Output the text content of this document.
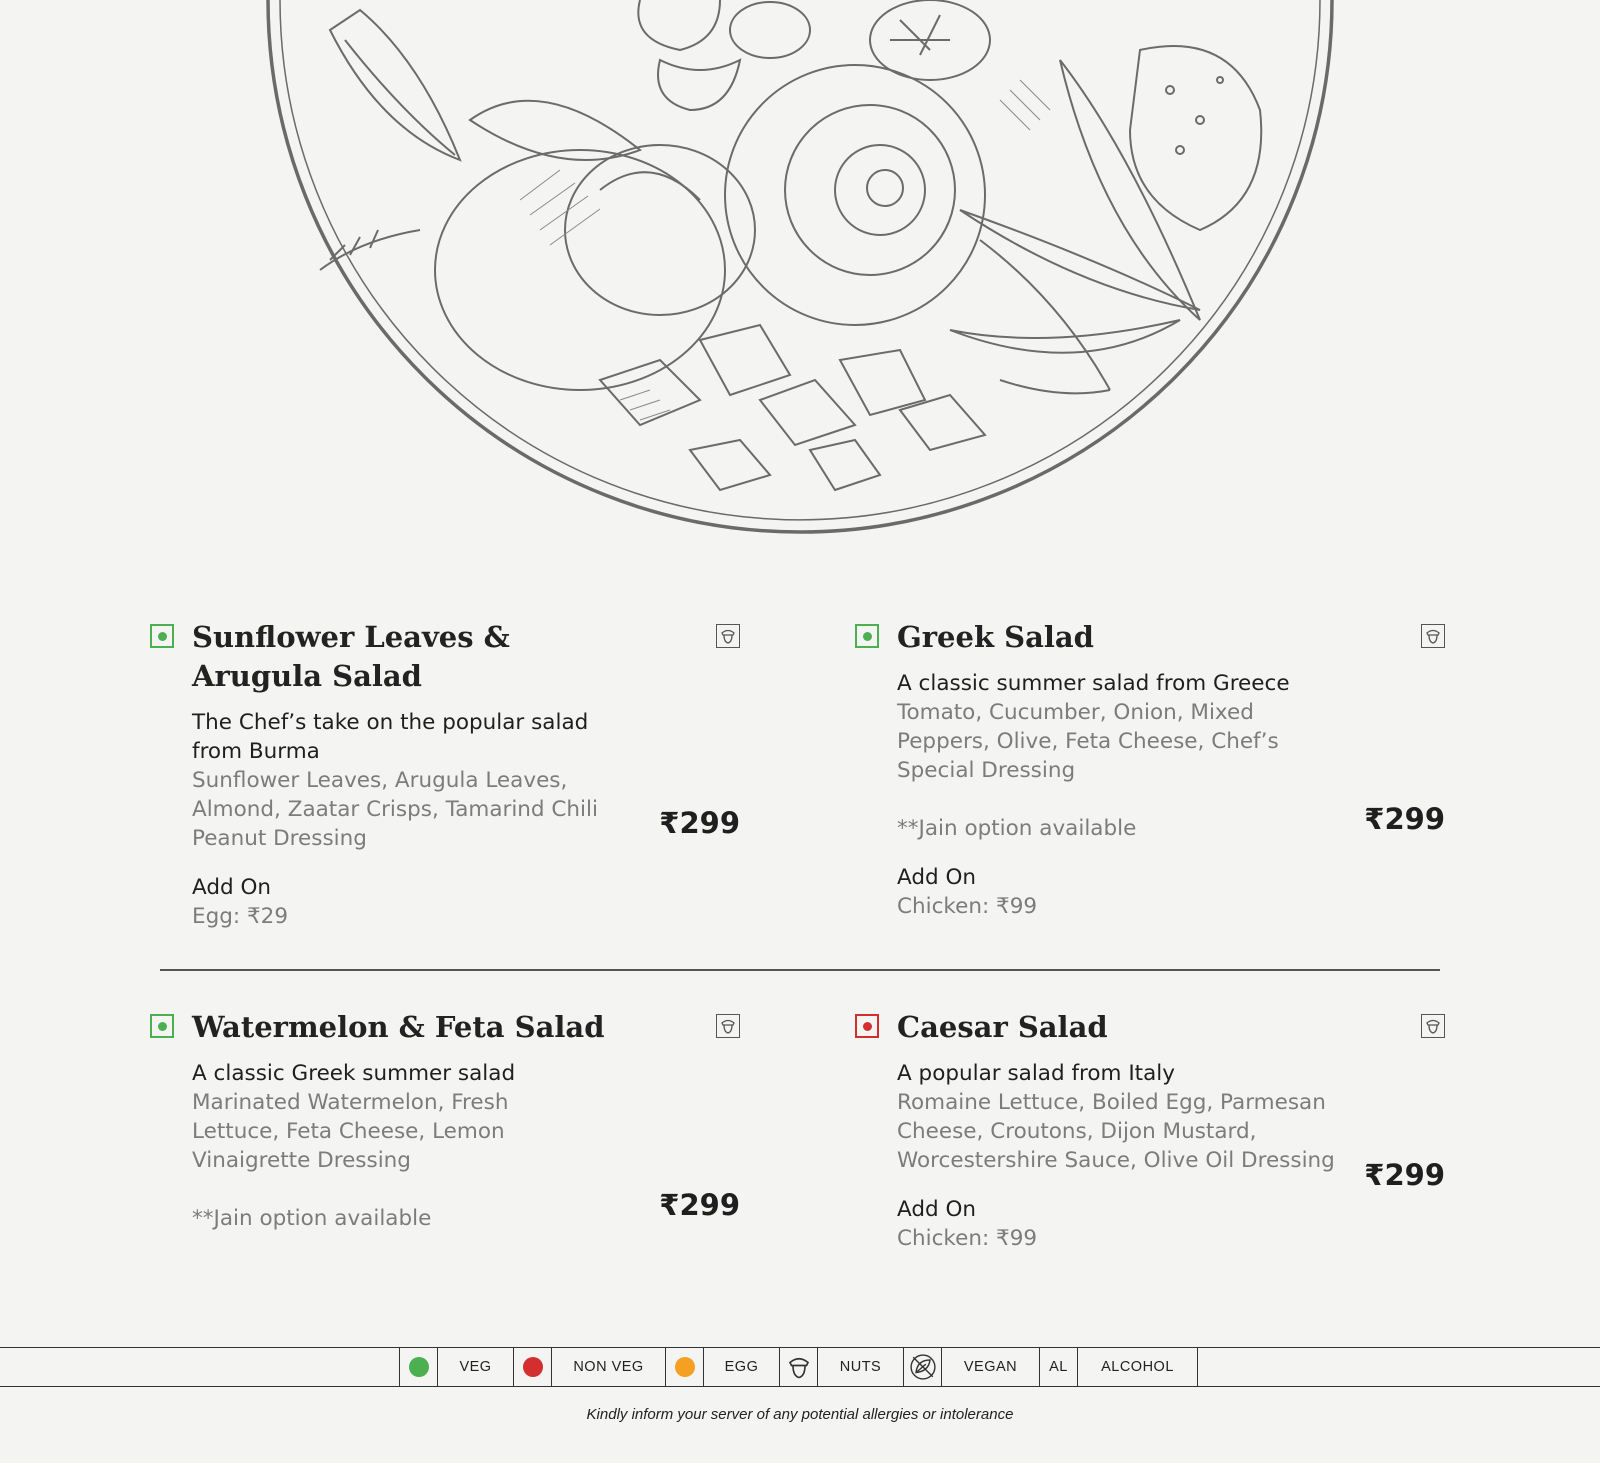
Sunflower Leaves & Arugula Salad
The Chef’s take on the popular salad from Burma
Sunflower Leaves, Arugula Leaves, Almond, Zaatar Crisps, Tamarind Chili Peanut Dressing
Add On
Egg: ₹29
₹299
Greek Salad
A classic summer salad from Greece
Tomato, Cucumber, Onion, Mixed Peppers, Olive, Feta Cheese, Chef’s Special Dressing
**Jain option available
Add On
Chicken: ₹99
₹299
Watermelon & Feta Salad
A classic Greek summer salad
Marinated Watermelon, Fresh Lettuce, Feta Cheese, Lemon Vinaigrette Dressing
**Jain option available	₹299
Caesar Salad
A popular salad from Italy
Romaine Lettuce, Boiled Egg, Parmesan Cheese, Croutons, Dijon Mustard, Worcestershire Sauce, Olive Oil Dressing
Add On
Chicken: ₹99
₹299
VEG	NON VEG	EGG	NUTS	VEGAN	AL	ALCOHOL
Kindly inform your server of any potential allergies or intolerance
